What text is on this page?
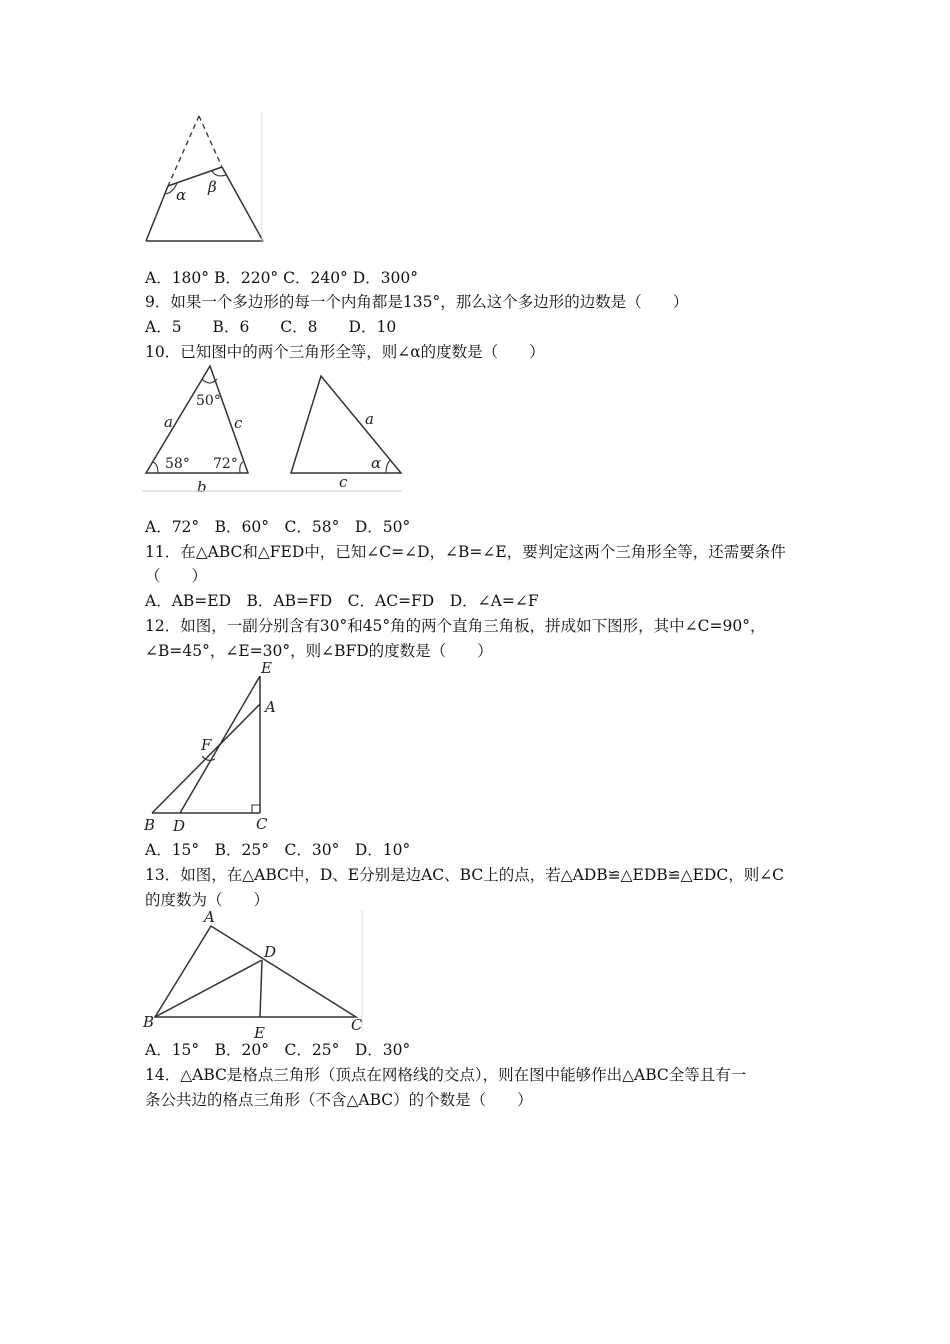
α β
A．180° B．220° C．240° D．300°
9．如果一个多边形的每一个内角都是135°，那么这个多边形的边数是（　　）
A．5　　B．6　　C．8　　D．10
10．已知图中的两个三角形全等，则∠α的度数是（　　）
a	c
b
50°
58° 72°
a
c
α
A．72°　B．60°　C．58°　D．50°
11．在△ABC和△FED中，已知∠C=∠D，∠B=∠E，要判定这两个三角形全等，还需要条件
（　　）
A．AB=ED　B．AB=FD　C．AC=FD　D．∠A=∠F
12．如图，一副分别含有30°和45°角的两个直角三角板，拼成如下图形，其中∠C=90°，
∠B=45°，∠E=30°，则∠BFD的度数是（　　）
E
A
F
B D	C
A．15°　B．25°　C．30°　D．10°
13．如图，在△ABC中，D、E分别是边AC、BC上的点，若△ADB≌△EDB≌△EDC，则∠C
的度数为（　　）
A
D
B
E	C
A．15°　B．20°　C．25°　D．30°
14．△ABC是格点三角形（顶点在网格线的交点），则在图中能够作出△ABC全等且有一
条公共边的格点三角形（不含△ABC）的个数是（　　）
